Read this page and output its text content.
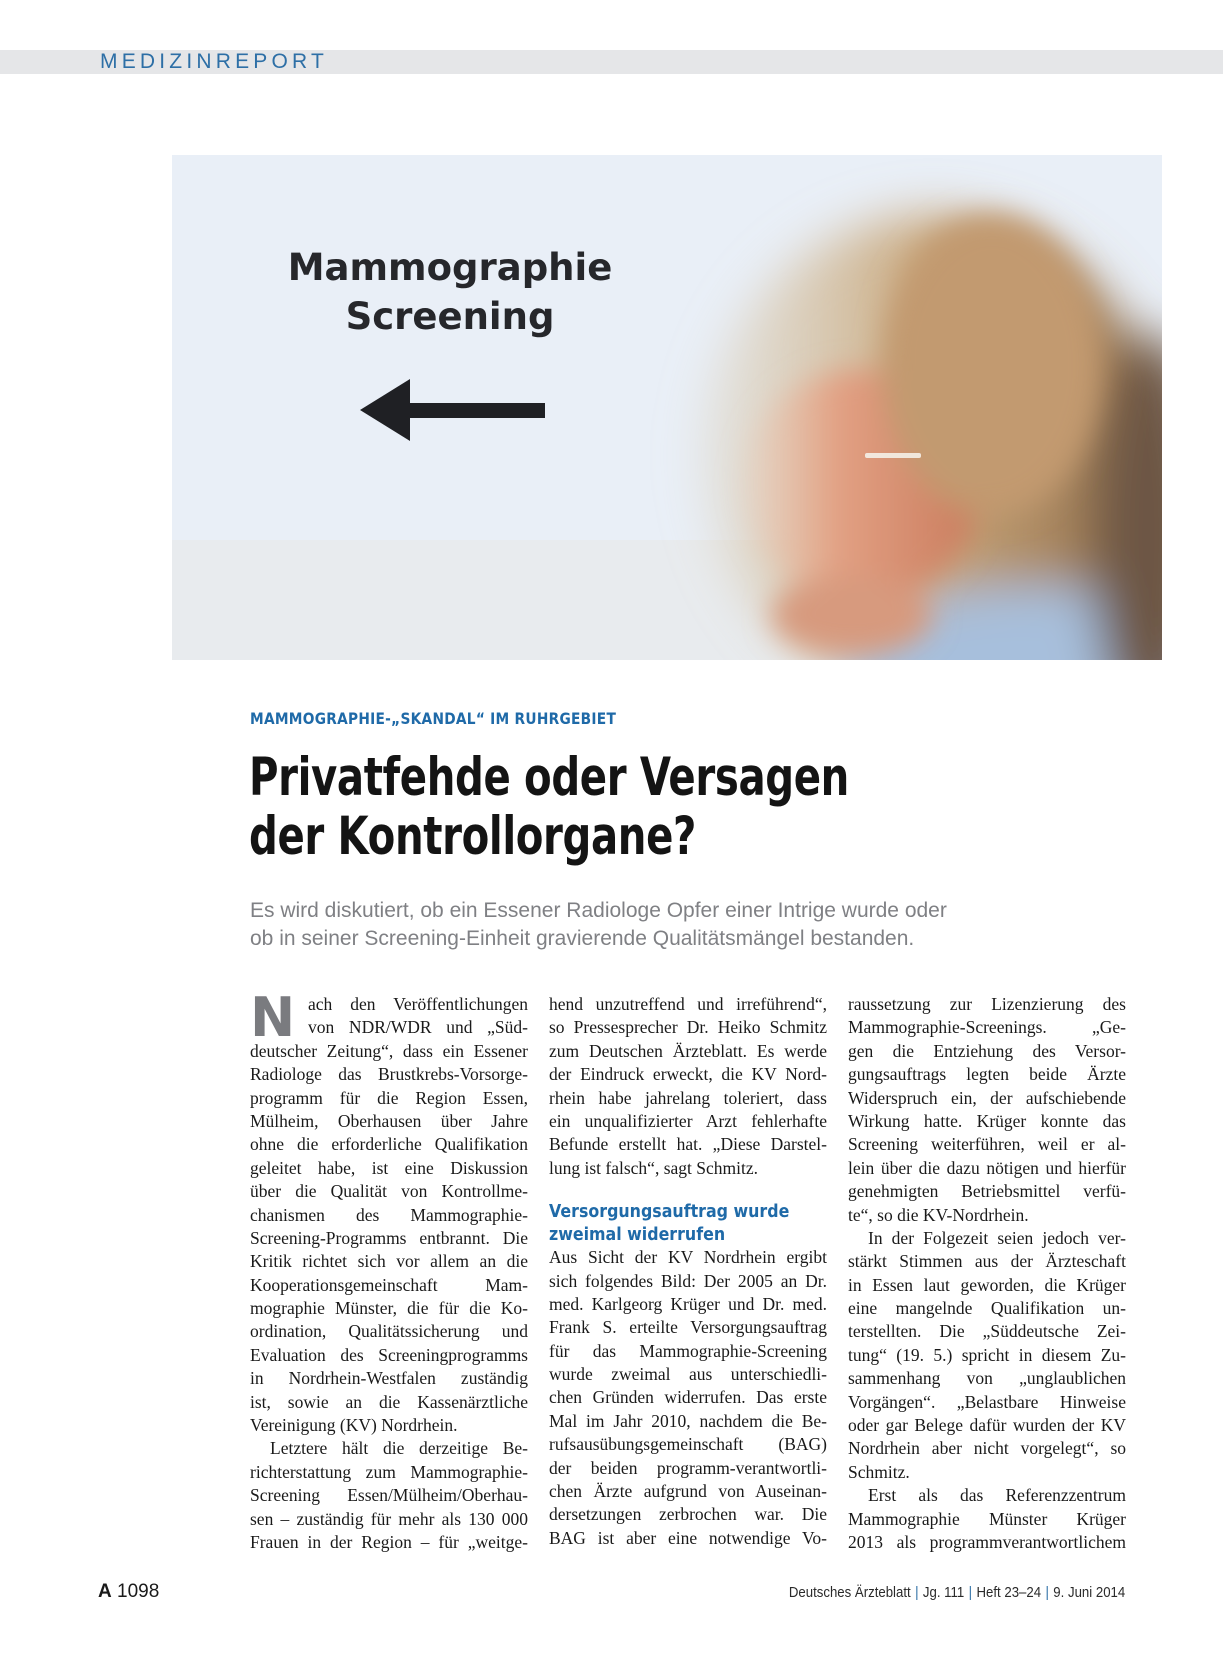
MEDIZINREPORT
Mammographie
Screening
MAMMOGRAPHIE-„SKANDAL“ IM RUHRGEBIET
Privatfehde oder Versagen
der Kontrollorgane?
Es wird diskutiert, ob ein Essener Radiologe Opfer einer Intrige wurde oder
ob in seiner Screening-Einheit gravierende Qualitätsmängel bestanden.
N ach den Veröffentlichungen
von NDR/WDR und „Süd-
deutscher Zeitung“, dass ein Essener
Radiologe das Brustkrebs-Vorsorge-
programm für die Region Essen,
Mülheim, Oberhausen über Jahre
ohne die erforderliche Qualifikation
geleitet habe, ist eine Diskussion
über die Qualität von Kontrollme-
chanismen des Mammographie-
Screening-Programms entbrannt. Die
Kritik richtet sich vor allem an die
Kooperationsgemeinschaft Mam-
mographie Münster, die für die Ko-
ordination, Qualitätssicherung und
Evaluation des Screeningprogramms
in Nordrhein-Westfalen zuständig
ist, sowie an die Kassenärztliche
Vereinigung (KV) Nordrhein.
Letztere hält die derzeitige Be-
richterstattung zum Mammographie-
Screening Essen/Mülheim/Oberhau-
sen – zuständig für mehr als 130 000
Frauen in der Region – für „weitge-
hend unzutreffend und irreführend“,
so Pressesprecher Dr. Heiko Schmitz
zum Deutschen Ärzteblatt. Es werde
der Eindruck erweckt, die KV Nord-
rhein habe jahrelang toleriert, dass
ein unqualifizierter Arzt fehlerhafte
Befunde erstellt hat. „Diese Darstel-
lung ist falsch“, sagt Schmitz.
Versorgungsauftrag wurde
zweimal widerrufen
Aus Sicht der KV Nordrhein ergibt
sich folgendes Bild: Der 2005 an Dr.
med. Karlgeorg Krüger und Dr. med.
Frank S. erteilte Versorgungsauftrag
für das Mammographie-Screening
wurde zweimal aus unterschiedli-
chen Gründen widerrufen. Das erste
Mal im Jahr 2010, nachdem die Be-
rufsausübungsgemeinschaft (BAG)
der beiden programm-verantwortli-
chen Ärzte aufgrund von Auseinan-
dersetzungen zerbrochen war. Die
BAG ist aber eine notwendige Vo-
raussetzung zur Lizenzierung des
Mammographie-Screenings. „Ge-
gen die Entziehung des Versor-
gungsauftrags legten beide Ärzte
Widerspruch ein, der aufschiebende
Wirkung hatte. Krüger konnte das
Screening weiterführen, weil er al-
lein über die dazu nötigen und hierfür
genehmigten Betriebsmittel verfü-
te“, so die KV-Nordrhein.
In der Folgezeit seien jedoch ver-
stärkt Stimmen aus der Ärzteschaft
in Essen laut geworden, die Krüger
eine mangelnde Qualifikation un-
terstellten. Die „Süddeutsche Zei-
tung“ (19. 5.) spricht in diesem Zu-
sammenhang von „unglaublichen
Vorgängen“. „Belastbare Hinweise
oder gar Belege dafür wurden der KV
Nordrhein aber nicht vorgelegt“, so
Schmitz.
Erst als das Referenzzentrum
Mammographie Münster Krüger
2013 als programmverantwortlichem
A 1098	Deutsches Ärzteblatt | Jg. 111 | Heft 23–24 | 9. Juni 2014
